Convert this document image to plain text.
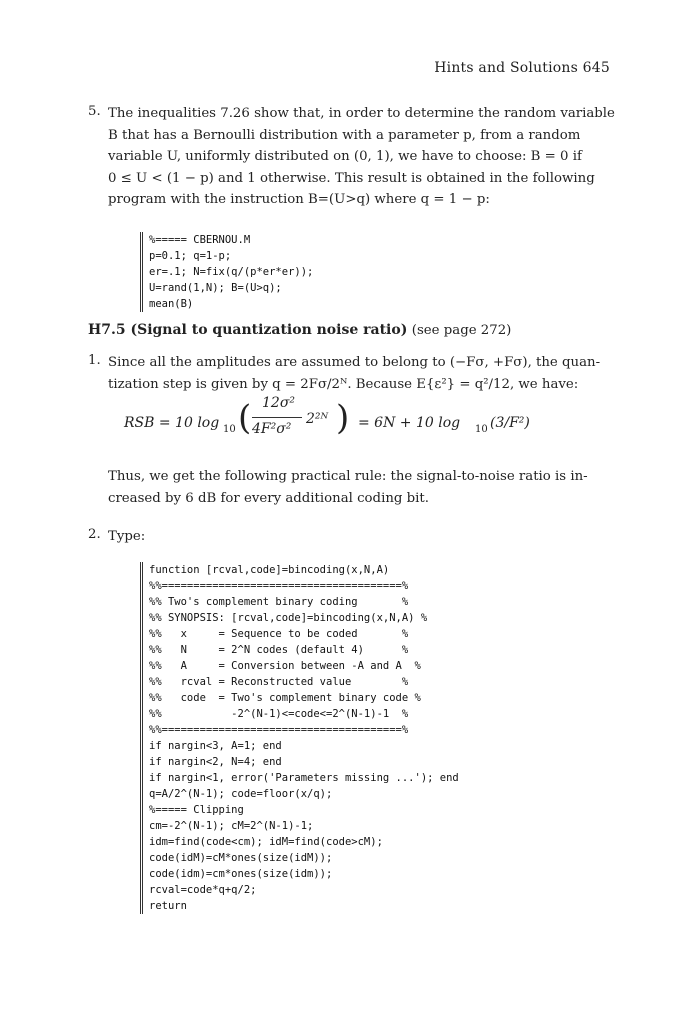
Hints and Solutions 645
5. The inequalities 7.26 show that, in order to determine the random variable
B that has a Bernoulli distribution with a parameter p, from a random
variable U, uniformly distributed on (0, 1), we have to choose: B = 0 if
0 ≤ U < (1 − p) and 1 otherwise. This result is obtained in the following
program with the instruction B=(U>q) where q = 1 − p:
%===== CBERNOU.M
p=0.1; q=1-p;
er=.1; N=fix(q/(p*er*er));
U=rand(1,N); B=(U>q);
mean(B)
H7.5 (Signal to quantization noise ratio) (see page 272)
1. Since all the amplitudes are assumed to belong to (−Fσ, +Fσ), the quan-
tization step is given by q = 2Fσ/2ᴺ. Because E{ε²} = q²/12, we have:
RSB = 10 log 10 ( 12σ²
4F²σ²
2²ᴺ ) = 6N + 10 log 10 (3/F²)
Thus, we get the following practical rule: the signal-to-noise ratio is in-
creased by 6 dB for every additional coding bit.
2. Type:
function [rcval,code]=bincoding(x,N,A)
%%======================================%
%% Two's complement binary coding       %
%% SYNOPSIS: [rcval,code]=bincoding(x,N,A) %
%%   x     = Sequence to be coded       %
%%   N     = 2^N codes (default 4)      %
%%   A     = Conversion between -A and A  %
%%   rcval = Reconstructed value        %
%%   code  = Two's complement binary code %
%%           -2^(N-1)<=code<=2^(N-1)-1  %
%%======================================%
if nargin<3, A=1; end
if nargin<2, N=4; end
if nargin<1, error('Parameters missing ...'); end
q=A/2^(N-1); code=floor(x/q);
%===== Clipping
cm=-2^(N-1); cM=2^(N-1)-1;
idm=find(code<cm); idM=find(code>cM);
code(idM)=cM*ones(size(idM));
code(idm)=cm*ones(size(idm));
rcval=code*q+q/2;
return
